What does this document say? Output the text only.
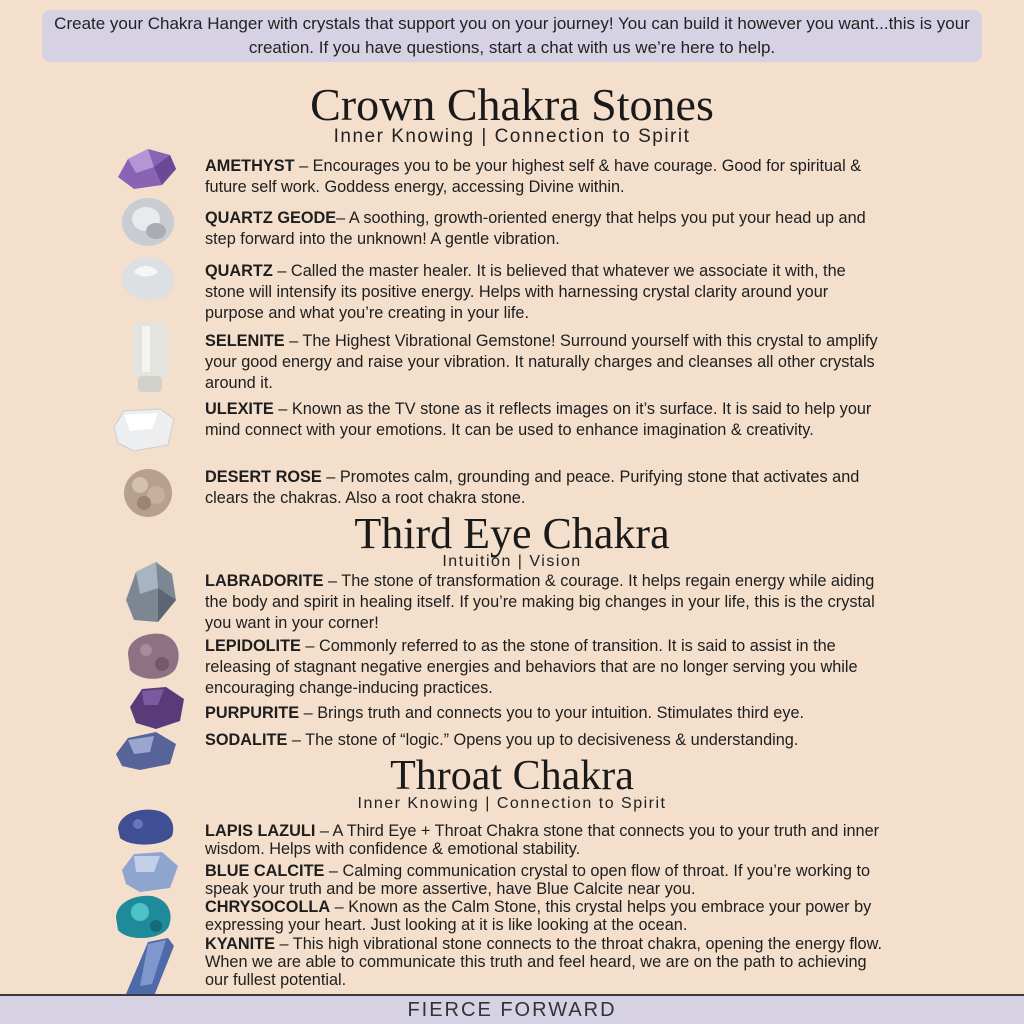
Create your Chakra Hanger with crystals that support you on your journey! You can build it however you want...this is your creation. If you have questions, start a chat with us we’re here to help.
Crown Chakra Stones
Inner Knowing | Connection to Spirit

AMETHYST – Encourages you to be your highest self & have courage. Good for spiritual & future self work. Goddess energy, accessing Divine within.

QUARTZ GEODE– A soothing, growth-oriented energy that helps you put your head up and step forward into the unknown! A gentle vibration.

QUARTZ – Called the master healer. It is believed that whatever we associate it with, the stone will intensify its positive energy. Helps with harnessing crystal clarity around your purpose and what you’re creating in your life.

SELENITE – The Highest Vibrational Gemstone! Surround yourself with this crystal to amplify your good energy and raise your vibration. It naturally charges and cleanses all other crystals around it.

ULEXITE – Known as the TV stone as it reflects images on it’s surface. It is said to help your mind connect with your emotions. It can be used to enhance imagination & creativity.

DESERT ROSE – Promotes calm, grounding and peace. Purifying stone that activates and clears the chakras. Also a root chakra stone.

Third Eye Chakra
Intuition | Vision

LABRADORITE – The stone of transformation & courage. It helps regain energy while aiding the body and spirit in healing itself. If you’re making big changes in your life, this is the crystal you want in your corner!

LEPIDOLITE – Commonly referred to as the stone of transition. It is said to assist in the releasing of stagnant negative energies and behaviors that are no longer serving you while encouraging change-inducing practices.

PURPURITE – Brings truth and connects you to your intuition. Stimulates third eye.

SODALITE – The stone of “logic.” Opens you up to decisiveness & understanding.

Throat Chakra
Inner Knowing | Connection to Spirit

LAPIS LAZULI – A Third Eye + Throat Chakra stone that connects you to your truth and inner wisdom. Helps with confidence & emotional stability.

BLUE CALCITE – Calming communication crystal to open flow of throat. If you’re working to speak your truth and be more assertive, have Blue Calcite near you.

CHRYSOCOLLA – Known as the Calm Stone, this crystal helps you embrace your power by expressing your heart. Just looking at it is like looking at the ocean.

KYANITE – This high vibrational stone connects to the throat chakra, opening the energy flow. When we are able to communicate this truth and feel heard, we are on the path to achieving our fullest potential.

FIERCE FORWARD
